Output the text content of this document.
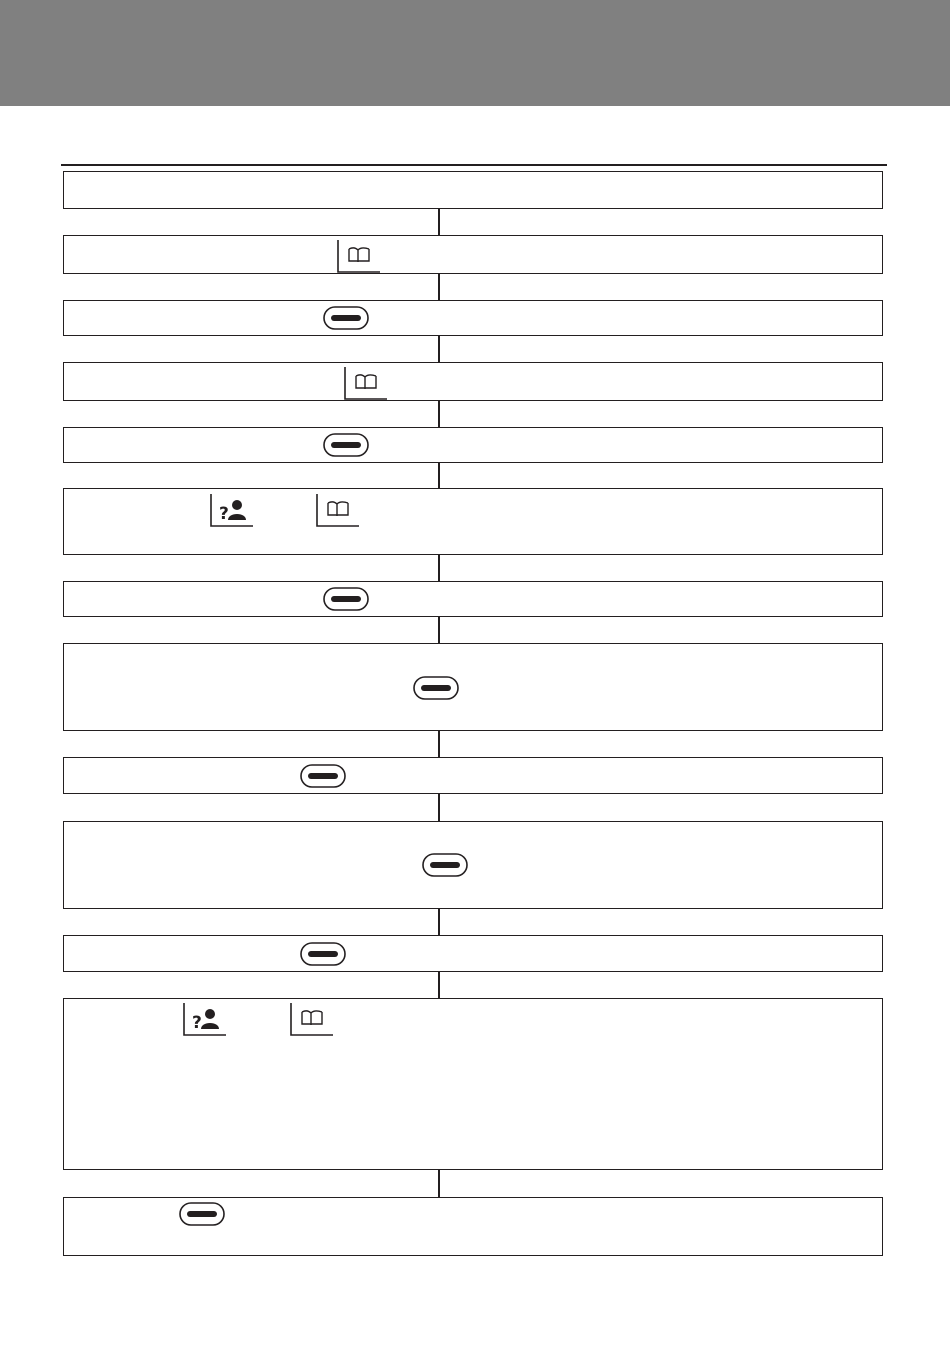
?
?
